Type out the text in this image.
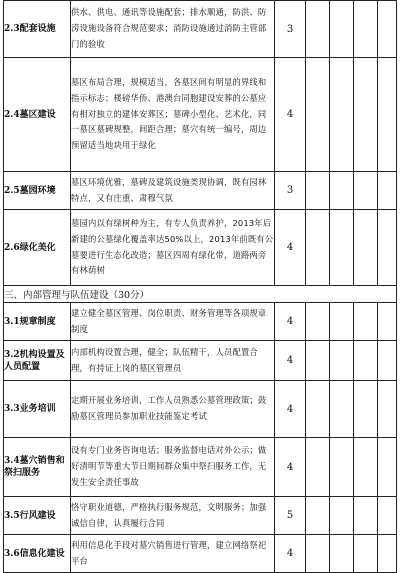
2.3配套设施	供水、供电、通讯等设施配套；排水顺通，防洪、防涝设施设备符合规范要求；消防设施通过消防主管部门的验收	3				
2.4墓区建设	墓区布局合理，规模适当，各墓区间有明显的界线和指示标志；楼磅华侨、港澳台同胞建设安葬的公墓应有相对独立的建体安葬区；墓碑小型化、艺术化，同一墓区墓碑规整，间距合理；墓穴有统一编号，周边预留适当地块用于绿化	4				
2.5墓园环境	墓区环境优雅，墓碑及建筑设施类现协调，既有园林特点，又有庄重、肃穆气氛	3				
2.6绿化美化	墓园内以有绿树种为主，有专人负责养护，2013年后新建的公墓绿化覆盖率达50%以上，2013年前既有公墓要进行生态化改造；墓区四周有绿化带，道路两旁有林荫树	4				
三、内部管理与队伍建设（30分）						
3.1规章制度	建立健全墓区管理、岗位职责、财务管理等各项规章制度	4				
3.2机构设置及人员配置	内部机构设置合理，健全；队伍精干，人员配置合理，有持证上岗的墓区管理员	4				
3.3业务培训	定期开展业务培训，工作人员熟悉公墓管理政策；鼓励墓区管理员参加职业技能鉴定考试	4				
3.4墓穴销售和祭扫服务	设有专门业务咨询电话；服务监督电话对外公示；做好清明节等重大节日期间群众集中祭扫服务工作，无发生安全责任事故	4				
3.5行风建设	恪守职业道德，严格执行服务规范，文明服务；加强诚信自律，认真履行合同	5				
3.6信息化建设	利用信息化手段对墓穴销售进行管理，建立网络祭祀平台	4				
